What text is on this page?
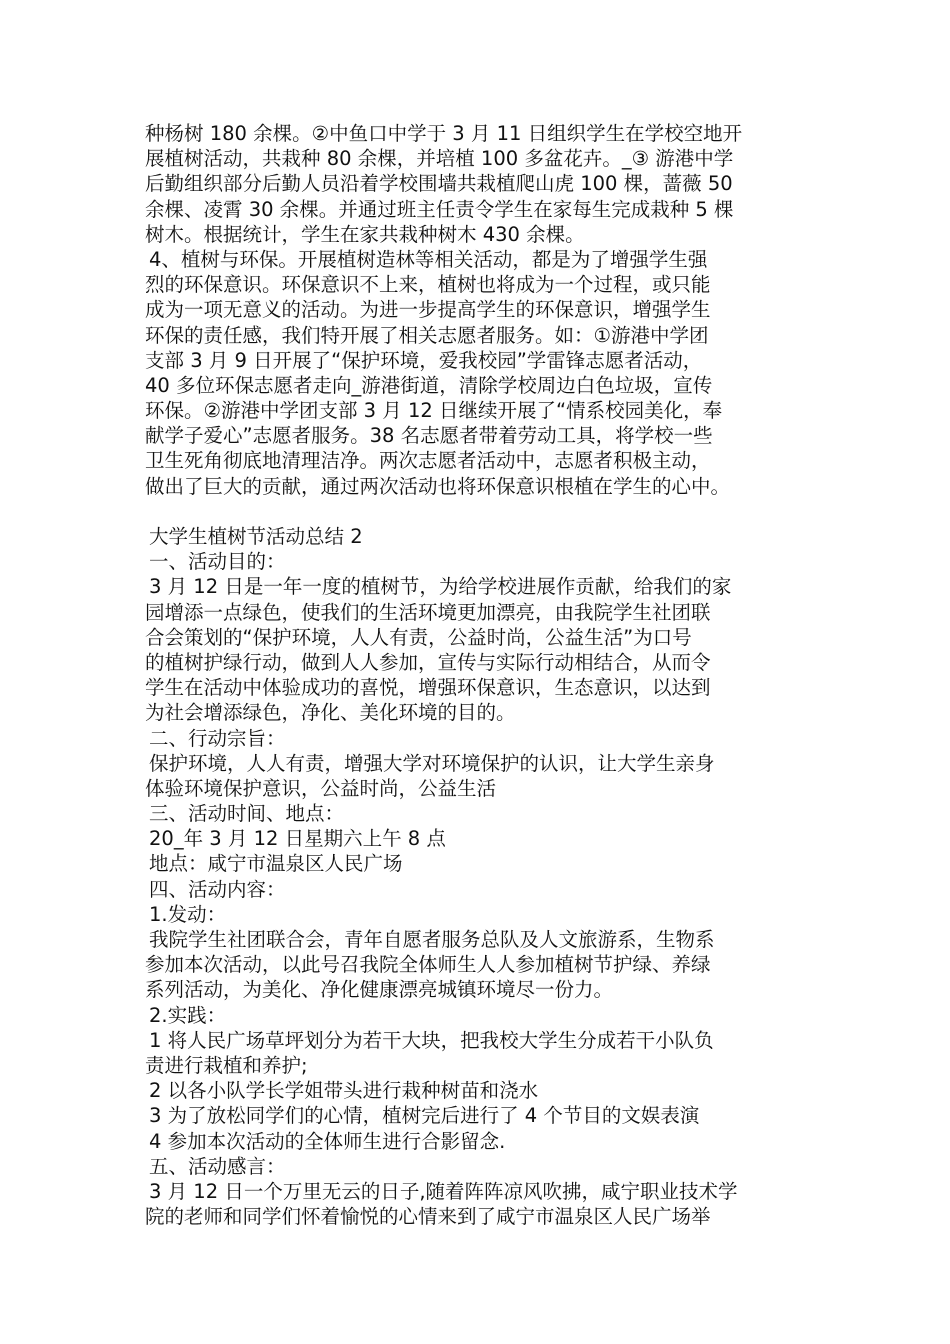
种杨树 180 余棵。②中鱼口中学于 3 月 11 日组织学生在学校空地开
展植树活动，共栽种 80 余棵，并培植 100 多盆花卉。_③ 游港中学
后勤组织部分后勤人员沿着学校围墙共栽植爬山虎 100 棵，蔷薇 50
余棵、凌霄 30 余棵。并通过班主任责令学生在家每生完成栽种 5 棵
树木。根据统计，学生在家共栽种树木 430 余棵。
4、植树与环保。开展植树造林等相关活动，都是为了增强学生强
烈的环保意识。环保意识不上来，植树也将成为一个过程，或只能
成为一项无意义的活动。为进一步提高学生的环保意识，增强学生
环保的责任感，我们特开展了相关志愿者服务。如：①游港中学团
支部 3 月 9 日开展了“保护环境，爱我校园”学雷锋志愿者活动，
40 多位环保志愿者走向_游港街道，清除学校周边白色垃圾，宣传
环保。②游港中学团支部 3 月 12 日继续开展了“情系校园美化，奉
献学子爱心”志愿者服务。38 名志愿者带着劳动工具，将学校一些
卫生死角彻底地清理洁净。两次志愿者活动中，志愿者积极主动，
做出了巨大的贡献，通过两次活动也将环保意识根植在学生的心中。
大学生植树节活动总结 2
一、活动目的：
3 月 12 日是一年一度的植树节，为给学校进展作贡献，给我们的家
园增添一点绿色，使我们的生活环境更加漂亮，由我院学生社团联
合会策划的“保护环境，人人有责，公益时尚，公益生活”为口号
的植树护绿行动，做到人人参加，宣传与实际行动相结合，从而令
学生在活动中体验成功的喜悦，增强环保意识，生态意识，以达到
为社会增添绿色，净化、美化环境的目的。
二、行动宗旨：
保护环境，人人有责，增强大学对环境保护的认识，让大学生亲身
体验环境保护意识，公益时尚，公益生活
三、活动时间、地点：
20_年 3 月 12 日星期六上午 8 点
地点：咸宁市温泉区人民广场
四、活动内容：
1.发动：
我院学生社团联合会，青年自愿者服务总队及人文旅游系，生物系
参加本次活动，以此号召我院全体师生人人参加植树节护绿、养绿
系列活动，为美化、净化健康漂亮城镇环境尽一份力。
2.实践：
1 将人民广场草坪划分为若干大块，把我校大学生分成若干小队负
责进行栽植和养护;
2 以各小队学长学姐带头进行栽种树苗和浇水
3 为了放松同学们的心情，植树完后进行了 4 个节目的文娱表演
4 参加本次活动的全体师生进行合影留念.
五、活动感言：
3 月 12 日一个万里无云的日子,随着阵阵凉风吹拂，咸宁职业技术学
院的老师和同学们怀着愉悦的心情来到了咸宁市温泉区人民广场举
